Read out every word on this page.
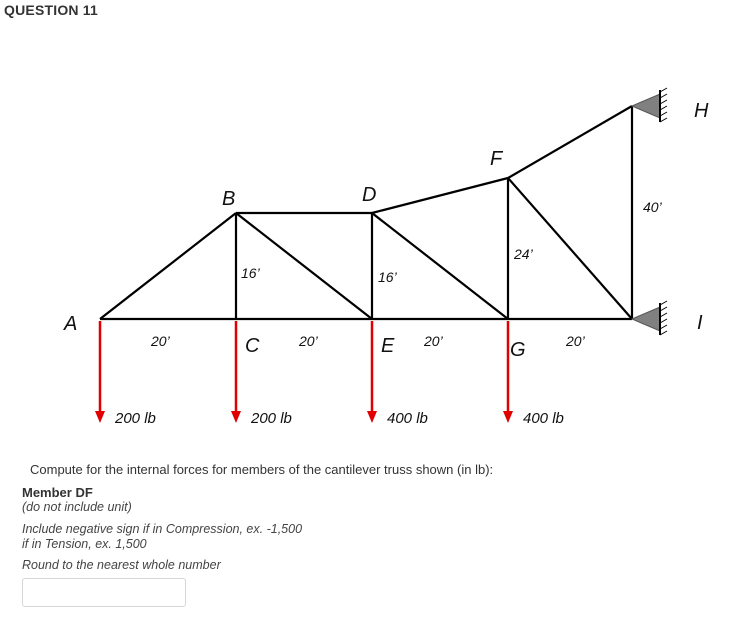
QUESTION 11
A
B
C
D
E
F
G
H
I
20’	20’	20’	20’
16’	16’
24’
40’
200 lb	200 lb	400 lb	400 lb
Compute for the internal forces for members of the cantilever truss shown (in lb):
Member DF
(do not include unit)
Include negative sign if in Compression, ex. -1,500
if in Tension, ex. 1,500
Round to the nearest whole number
